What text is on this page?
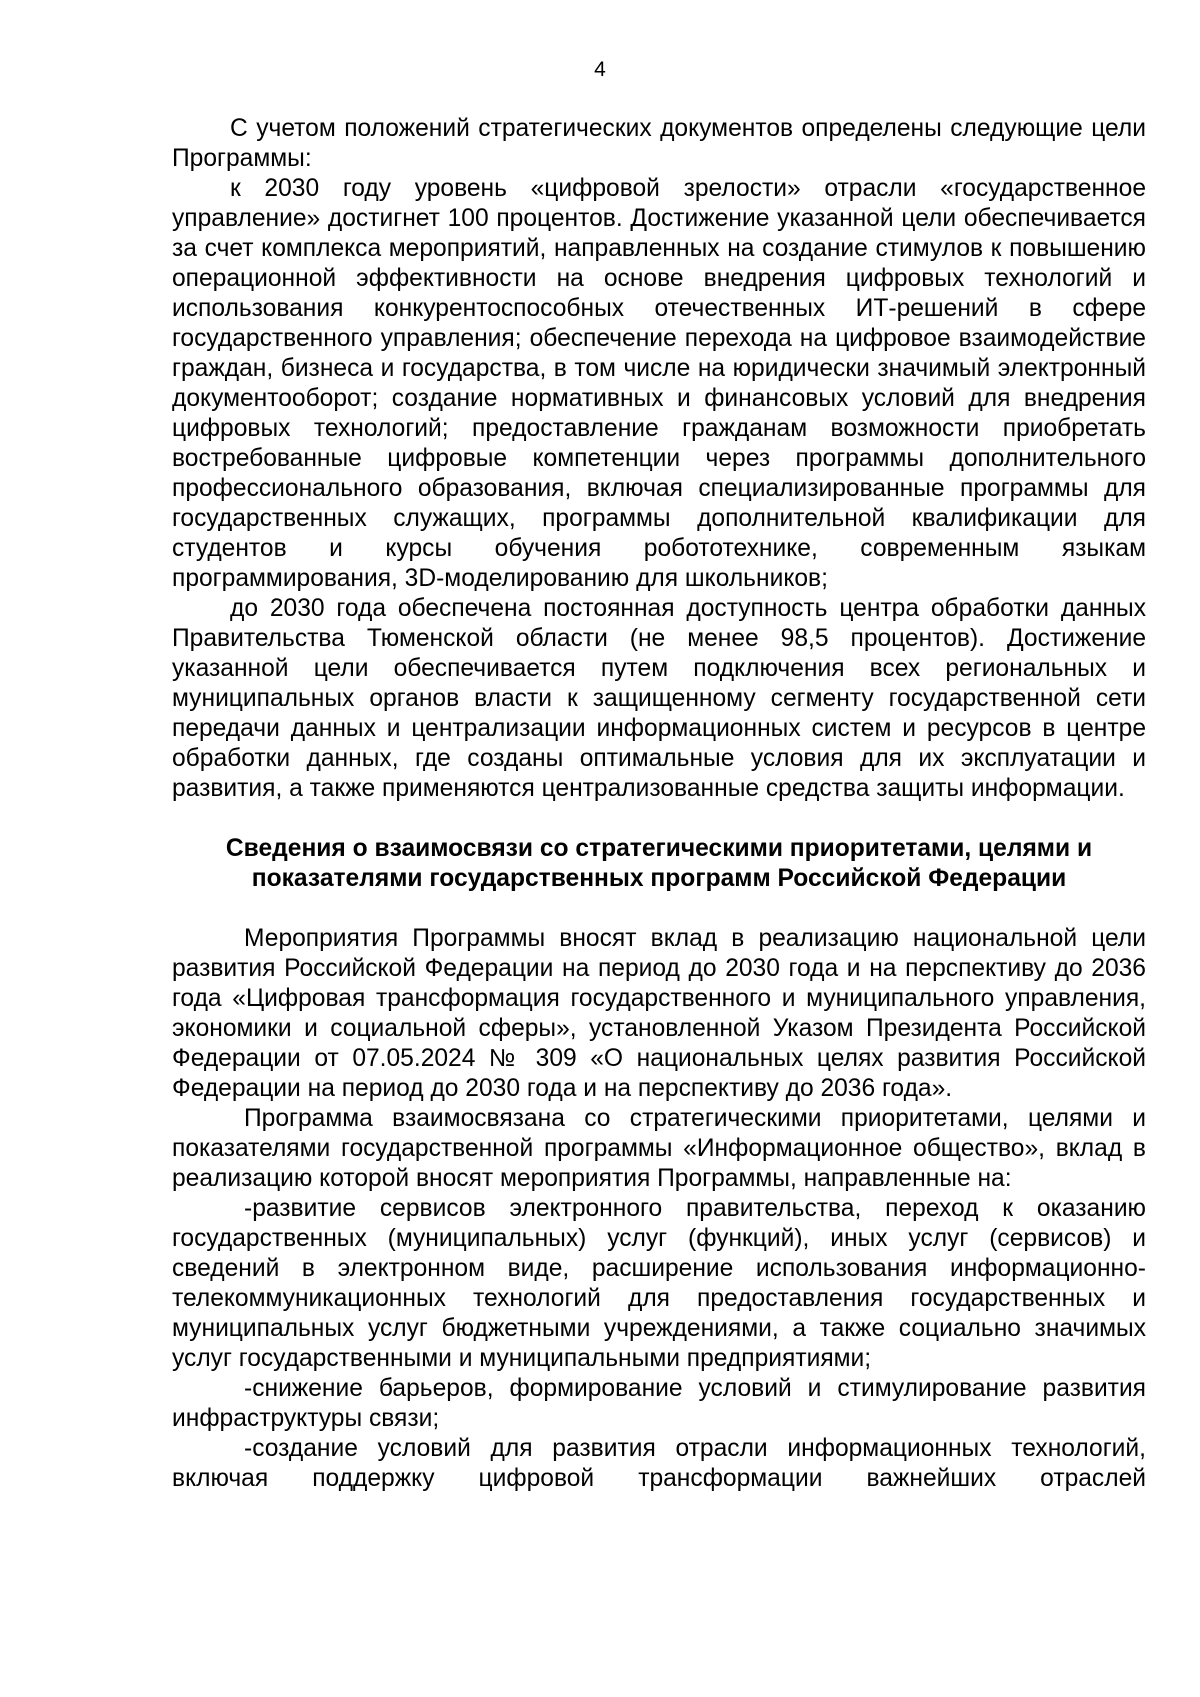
4

С учетом положений стратегических документов определены следующие цели Программы:

к 2030 году уровень «цифровой зрелости» отрасли «государственное управление» достигнет 100 процентов. Достижение указанной цели обеспечивается за счет комплекса мероприятий, направленных на создание стимулов к повышению операционной эффективности на основе внедрения цифровых технологий и использования конкурентоспособных отечественных ИТ-решений в сфере государственного управления; обеспечение перехода на цифровое взаимодействие граждан, бизнеса и государства, в том числе на юридически значимый электронный документооборот; создание нормативных и финансовых условий для внедрения цифровых технологий; предоставление гражданам возможности приобретать востребованные цифровые компетенции через программы дополнительного профессионального образования, включая специализированные программы для государственных служащих, программы дополнительной квалификации для студентов и курсы обучения робототехнике, современным языкам программирования, 3D-моделированию для школьников;

до 2030 года обеспечена постоянная доступность центра обработки данных Правительства Тюменской области (не менее 98,5 процентов). Достижение указанной цели обеспечивается путем подключения всех региональных и муниципальных органов власти к защищенному сегменту государственной сети передачи данных и централизации информационных систем и ресурсов в центре обработки данных, где созданы оптимальные условия для их эксплуатации и развития, а также применяются централизованные средства защиты информации.

Сведения о взаимосвязи со стратегическими приоритетами, целями и
показателями государственных программ Российской Федерации

Мероприятия Программы вносят вклад в реализацию национальной цели развития Российской Федерации на период до 2030 года и на перспективу до 2036 года «Цифровая трансформация государственного и муниципального управления, экономики и социальной сферы», установленной Указом Президента Российской Федерации от 07.05.2024 № 309 «О национальных целях развития Российской Федерации на период до 2030 года и на перспективу до 2036 года».

Программа взаимосвязана со стратегическими приоритетами, целями и показателями государственной программы «Информационное общество», вклад в реализацию которой вносят мероприятия Программы, направленные на:

-развитие сервисов электронного правительства, переход к оказанию государственных (муниципальных) услуг (функций), иных услуг (сервисов) и сведений в электронном виде, расширение использования информационно-телекоммуникационных технологий для предоставления государственных и муниципальных услуг бюджетными учреждениями, а также социально значимых услуг государственными и муниципальными предприятиями;

-снижение барьеров, формирование условий и стимулирование развития инфраструктуры связи;

-создание условий для развития отрасли информационных технологий, включая поддержку цифровой трансформации важнейших отраслей
